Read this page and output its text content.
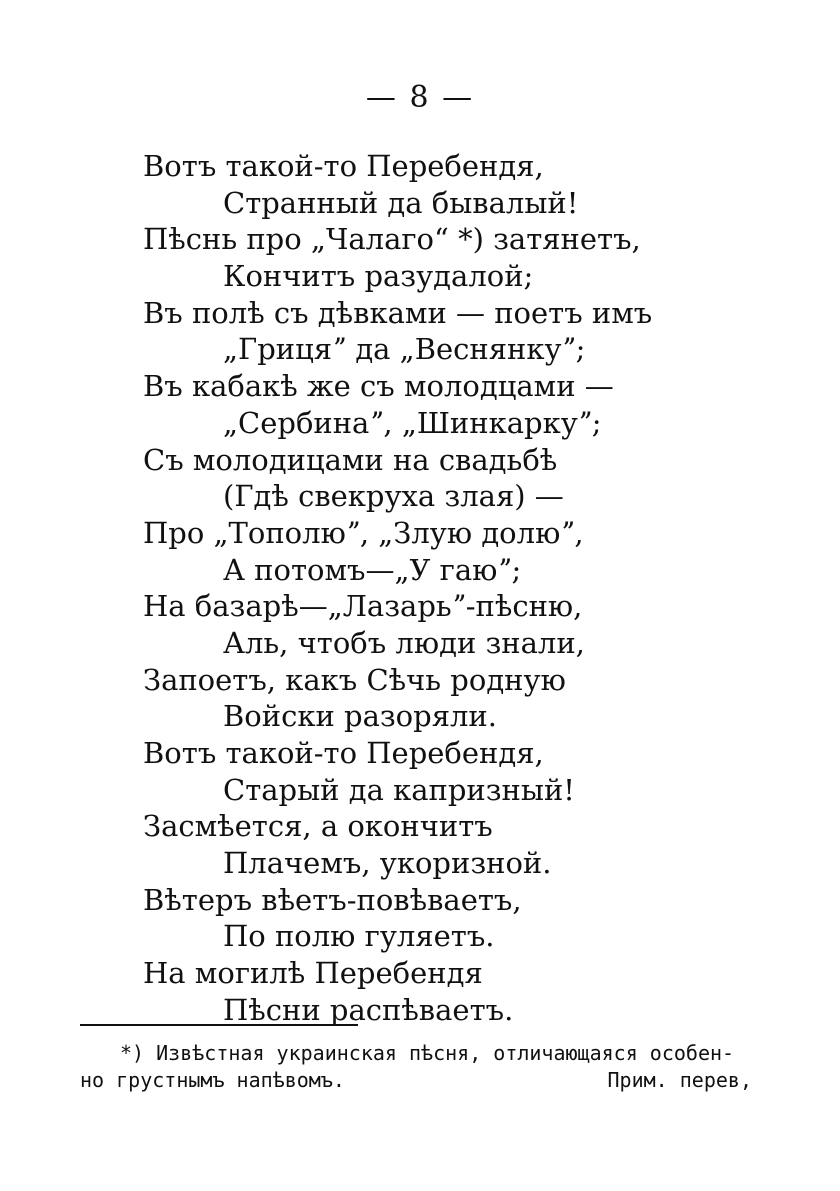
— 8 —
Вотъ такой-то Перебендя,
Странный да бывалый!
Пѣснь про „Чалаго“ *) затянетъ,
Кончитъ разудалой;
Въ полѣ съ дѣвками — поетъ имъ
„Грицяˮ да „Веснянкуˮ;
Въ кабакѣ же съ молодцами —
„Сербинаˮ, „Шинкаркуˮ;
Съ молодицами на свадьбѣ
(Гдѣ свекруха злая) —
Про „Тополюˮ, „Злую долюˮ,
А потомъ—„У гаюˮ;
На базарѣ—„Лазарьˮ-пѣсню,
Аль, чтобъ люди знали,
Запоетъ, какъ Сѣчь родную
Войски разоряли.
Вотъ такой-то Перебендя,
Старый да капризный!
Засмѣется, а окончитъ
Плачемъ, укоризной.
Вѣтеръ вѣетъ-повѣваетъ,
По полю гуляетъ.
На могилѣ Перебендя
Пѣсни распѣваетъ.
*) Извѣстная украинская пѣсня, отличающаяся особен-
но грустнымъ напѣвомъ.	Прим. перев,
